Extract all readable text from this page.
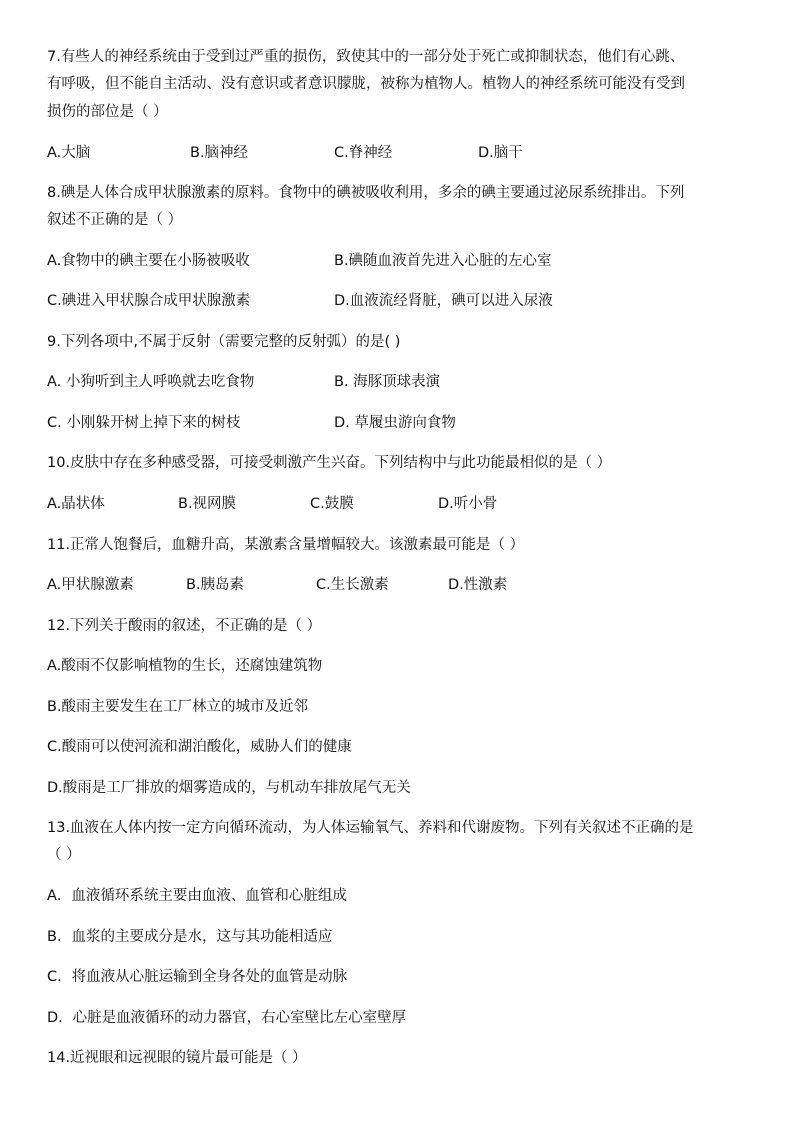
7.有些人的神经系统由于受到过严重的损伤，致使其中的一部分处于死亡或抑制状态，他们有心跳、
有呼吸，但不能自主活动、没有意识或者意识朦胧，被称为植物人。植物人的神经系统可能没有受到
损伤的部位是（ ）
A.大脑	B.脑神经	C.脊神经	D.脑干
8.碘是人体合成甲状腺激素的原料。食物中的碘被吸收利用，多余的碘主要通过泌尿系统排出。下列
叙述不正确的是（ ）
A.食物中的碘主要在小肠被吸收	B.碘随血液首先进入心脏的左心室
C.碘进入甲状腺合成甲状腺激素	D.血液流经肾脏，碘可以进入尿液
9.下列各项中,不属于反射（需要完整的反射弧）的是( )
A. 小狗听到主人呼唤就去吃食物	B. 海豚顶球表演
C. 小刚躲开树上掉下来的树枝	D. 草履虫游向食物
10.皮肤中存在多种感受器，可接受刺激产生兴奋。下列结构中与此功能最相似的是（ ）
A.晶状体	B.视网膜	C.鼓膜	D.听小骨
11.正常人饱餐后，血糖升高，某激素含量增幅较大。该激素最可能是（ ）
A.甲状腺激素	B.胰岛素	C.生长激素	D.性激素
12.下列关于酸雨的叙述，不正确的是（ ）
A.酸雨不仅影响植物的生长，还腐蚀建筑物
B.酸雨主要发生在工厂林立的城市及近邻
C.酸雨可以使河流和湖泊酸化，威胁人们的健康
D.酸雨是工厂排放的烟雾造成的，与机动车排放尾气无关
13.血液在人体内按一定方向循环流动，为人体运输氧气、养料和代谢废物。下列有关叙述不正确的是
（ ）
A．血液循环系统主要由血液、血管和心脏组成
B．血浆的主要成分是水，这与其功能相适应
C．将血液从心脏运输到全身各处的血管是动脉
D．心脏是血液循环的动力器官，右心室壁比左心室壁厚
14.近视眼和远视眼的镜片最可能是（ ）
